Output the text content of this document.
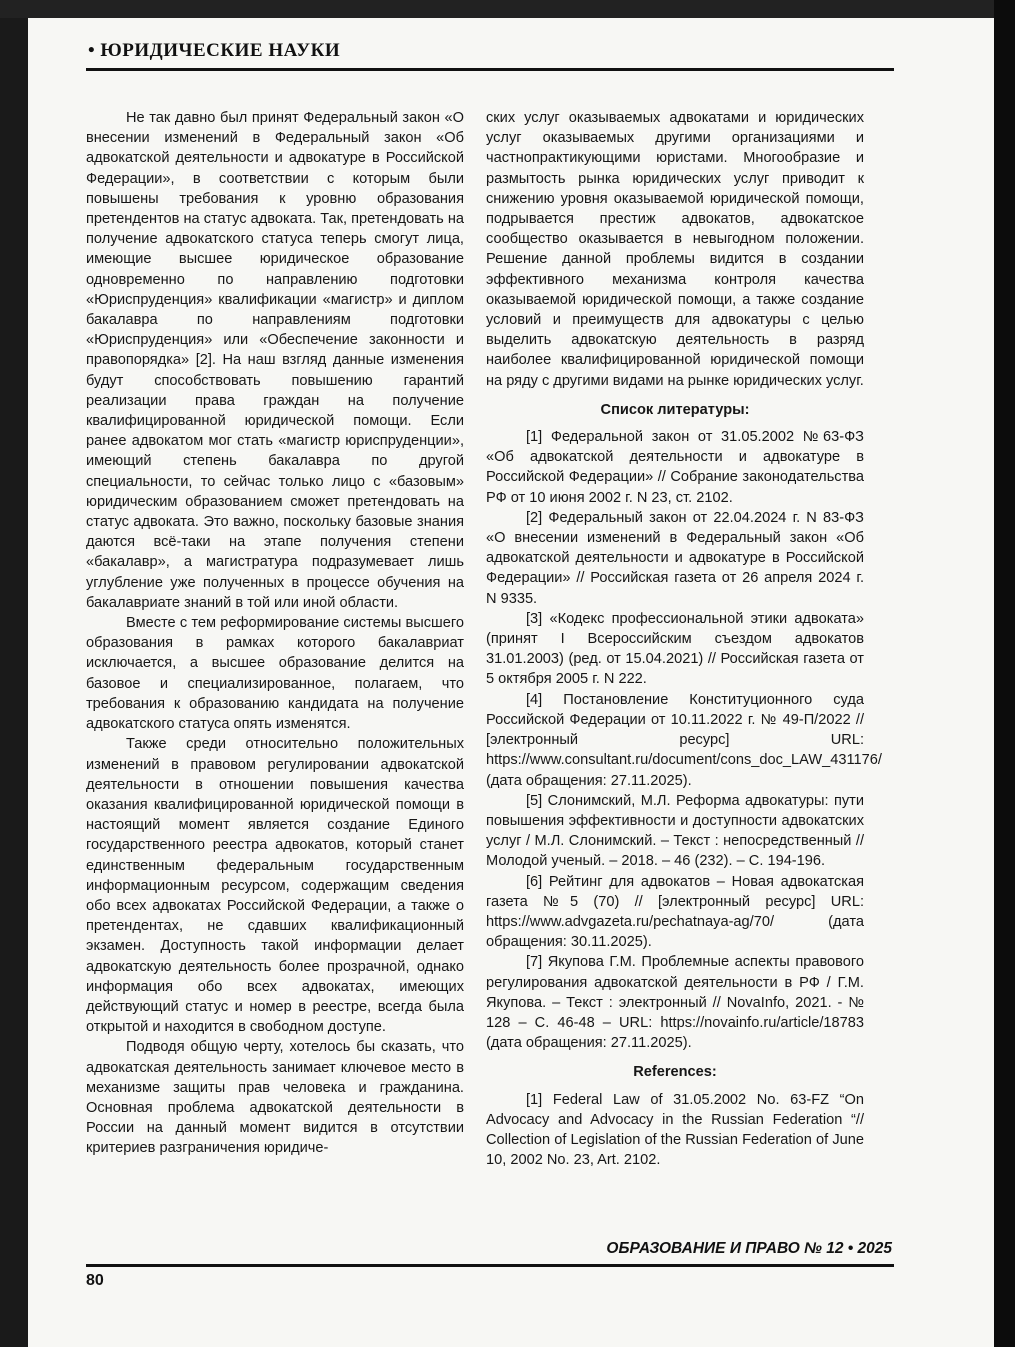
• ЮРИДИЧЕСКИЕ НАУКИ

Не так давно был принят Федеральный закон «О внесении изменений в Федеральный закон «Об адвокатской деятельности и адвокатуре в Российской Федерации», в соответствии с которым были повышены требования к уровню образования претендентов на статус адвоката. Так, претендовать на получение адвокатского статуса теперь смогут лица, имеющие высшее юридическое образование одновременно по направлению подготовки «Юриспруденция» квалификации «магистр» и диплом бакалавра по направлениям подготовки «Юриспруденция» или «Обеспечение законности и правопорядка» [2]. На наш взгляд данные изменения будут способствовать повышению гарантий реализации права граждан на получение квалифицированной юридической помощи. Если ранее адвокатом мог стать «магистр юриспруденции», имеющий степень бакалавра по другой специальности, то сейчас только лицо с «базовым» юридическим образованием сможет претендовать на статус адвоката. Это важно, поскольку базовые знания даются всё-таки на этапе получения степени «бакалавр», а магистратура подразумевает лишь углубление уже полученных в процессе обучения на бакалавриате знаний в той или иной области.

Вместе с тем реформирование системы высшего образования в рамках которого бакалавриат исключается, а высшее образование делится на базовое и специализированное, полагаем, что требования к образованию кандидата на получение адвокатского статуса опять изменятся.

Также среди относительно положительных изменений в правовом регулировании адвокатской деятельности в отношении повышения качества оказания квалифицированной юридической помощи в настоящий момент является создание Единого государственного реестра адвокатов, который станет единственным федеральным государственным информационным ресурсом, содержащим сведения обо всех адвокатах Российской Федерации, а также о претендентах, не сдавших квалификационный экзамен. Доступность такой информации делает адвокатскую деятельность более прозрачной, однако информация обо всех адвокатах, имеющих действующий статус и номер в реестре, всегда была открытой и находится в свободном доступе.

Подводя общую черту, хотелось бы сказать, что адвокатская деятельность занимает ключевое место в механизме защиты прав человека и гражданина. Основная проблема адвокатской деятельности в России на данный момент видится в отсутствии критериев разграничения юридиче-

ских услуг оказываемых адвокатами и юридических услуг оказываемых другими организациями и частнопрактикующими юристами. Многообразие и размытость рынка юридических услуг приводит к снижению уровня оказываемой юридической помощи, подрывается престиж адвокатов, адвокатское сообщество оказывается в невыгодном положении. Решение данной проблемы видится в создании эффективного механизма контроля качества оказываемой юридической помощи, а также создание условий и преимуществ для адвокатуры с целью выделить адвокатскую деятельность в разряд наиболее квалифицированной юридической помощи на ряду с другими видами на рынке юридических услуг.

Список литературы:

[1] Федеральной закон от 31.05.2002 №63-ФЗ «Об адвокатской деятельности и адвокатуре в Российской Федерации» // Собрание законодательства РФ от 10 июня 2002 г. N 23, ст. 2102.

[2] Федеральный закон от 22.04.2024 г. N 83-ФЗ «О внесении изменений в Федеральный закон «Об адвокатской деятельности и адвокатуре в Российской Федерации» // Российская газета от 26 апреля 2024 г. N 9335.

[3] «Кодекс профессиональной этики адвоката» (принят I Всероссийским съездом адвокатов 31.01.2003) (ред. от 15.04.2021) // Российская газета от 5 октября 2005 г. N 222.

[4] Постановление Конституционного суда Российской Федерации от 10.11.2022 г. № 49-П/2022 // [электронный ресурс] URL: https://www.consultant.ru/document/cons_doc_LAW_431176/ (дата обращения: 27.11.2025).

[5] Слонимский, М.Л. Реформа адвокатуры: пути повышения эффективности и доступности адвокатских услуг / М.Л. Слонимский. – Текст : непосредственный // Молодой ученый. – 2018. – 46 (232). – С. 194-196.

[6] Рейтинг для адвокатов – Новая адвокатская газета №5 (70) // [электронный ресурс] URL: https://www.advgazeta.ru/pechatnaya-ag/70/ (дата обращения: 30.11.2025).

[7] Якупова Г.М. Проблемные аспекты правового регулирования адвокатской деятельности в РФ / Г.М. Якупова. – Текст : электронный // NovaInfo, 2021. - № 128 – С. 46-48 – URL: https://novainfo.ru/article/18783 (дата обращения: 27.11.2025).

References:

[1] Federal Law of 31.05.2002 No. 63-FZ “On Advocacy and Advocacy in the Russian Federation “// Collection of Legislation of the Russian Federation of June 10, 2002 No. 23, Art. 2102.

ОБРАЗОВАНИЕ И ПРАВО № 12 • 2025
80
